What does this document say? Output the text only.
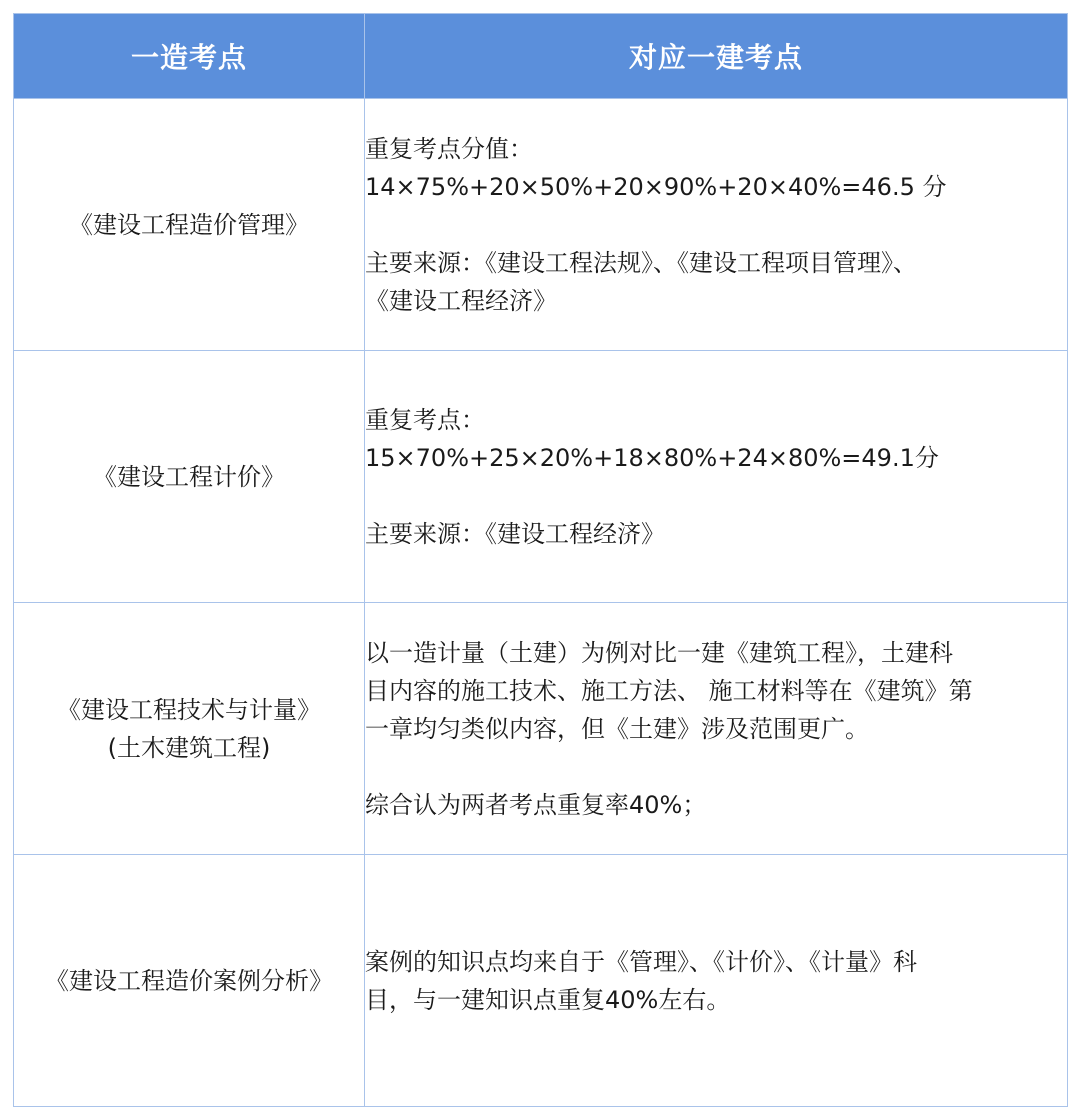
一造考点	对应一建考点

《建设工程造价管理》	重复考点分值：
14×75%+20×50%+20×90%+20×40%=46.5 分
主要来源：《建设工程法规》、《建设工程项目管理》、
《建设工程经济》

《建设工程计价》	重复考点：
15×70%+25×20%+18×80%+24×80%=49.1分
主要来源：《建设工程经济》

《建设工程技术与计量》
(土木建筑工程)	以一造计量（土建）为例对比一建《建筑工程》，土建科
目内容的施工技术、施工方法、 施工材料等在《建筑》第
一章均匀类似内容，但《土建》涉及范围更广。
综合认为两者考点重复率40%；

《建设工程造价案例分析》	案例的知识点均来自于《管理》、《计价》、《计量》科
目，与一建知识点重复40%左右。
